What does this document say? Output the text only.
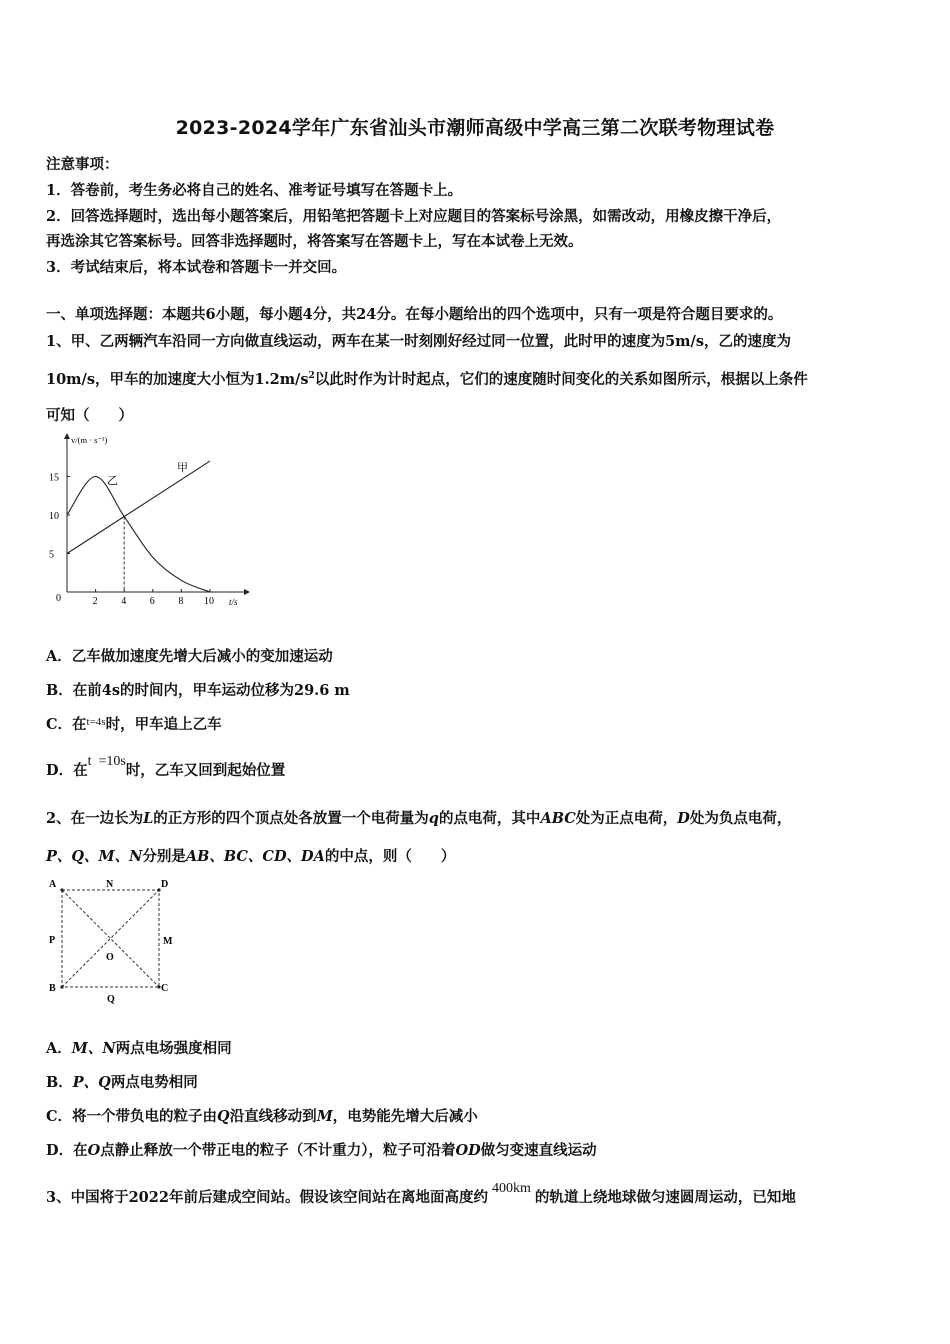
2023-2024学年广东省汕头市潮师高级中学高三第二次联考物理试卷
注意事项：
1．答卷前，考生务必将自己的姓名、准考证号填写在答题卡上。
2．回答选择题时，选出每小题答案后，用铅笔把答题卡上对应题目的答案标号涂黑，如需改动，用橡皮擦干净后，
再选涂其它答案标号。回答非选择题时，将答案写在答题卡上，写在本试卷上无效。
3．考试结束后，将本试卷和答题卡一并交回。
一、单项选择题：本题共6小题，每小题4分，共24分。在每小题给出的四个选项中，只有一项是符合题目要求的。
1、甲、乙两辆汽车沿同一方向做直线运动，两车在某一时刻刚好经过同一位置，此时甲的速度为5m/s，乙的速度为
10m/s，甲车的加速度大小恒为$1.2m/s^2$以此时作为计时起点，它们的速度随时间变化的关系如图所示，根据以上条件
可知（　　）
15
10
5
2 4 6 8 10
v/(m · s⁻¹)
t/s
0
甲
乙
A．乙车做加速度先增大后减小的变加速运动
B．在前4s的时间内，甲车运动位移为29.6 m
C．在$^{t=4s}$时，甲车追上乙车
D．在t  =10s时，乙车又回到起始位置
2、在一边长为L的正方形的四个顶点处各放置一个电荷量为q的点电荷，其中ABC处为正点电荷，D处为负点电荷，
P、Q、M、N分别是AB、BC、CD、DA的中点，则（　　）
A	N	D
P	M
O
B	C
Q
A．M、N两点电场强度相同
B．P、Q两点电势相同
C．将一个带负电的粒子由Q沿直线移动到M，电势能先增大后减小
D．在O点静止释放一个带正电的粒子（不计重力），粒子可沿着OD做匀变速直线运动
3、中国将于2022年前后建成空间站。假设该空间站在离地面高度约400km的轨道上绕地球做匀速圆周运动，已知地
